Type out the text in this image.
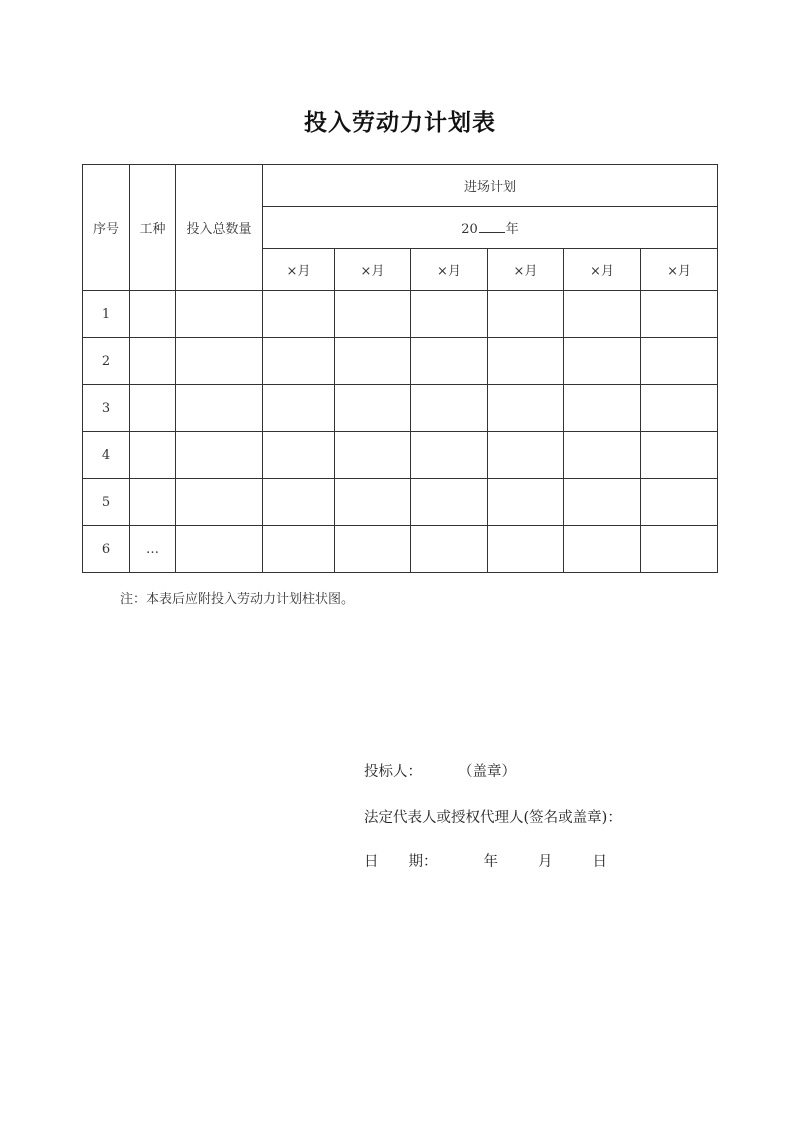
投入劳动力计划表
序号	工种	投入总数量	进场计划					
			20 年					
			×月	×月	×月	×月	×月	×月
1								
2								
3								
4								
5								
6	…							
注：本表后应附投入劳动力计划柱状图。
投标人： （盖章）
法定代表人或授权代理人(签名或盖章)：
日 期：	年	月	日
